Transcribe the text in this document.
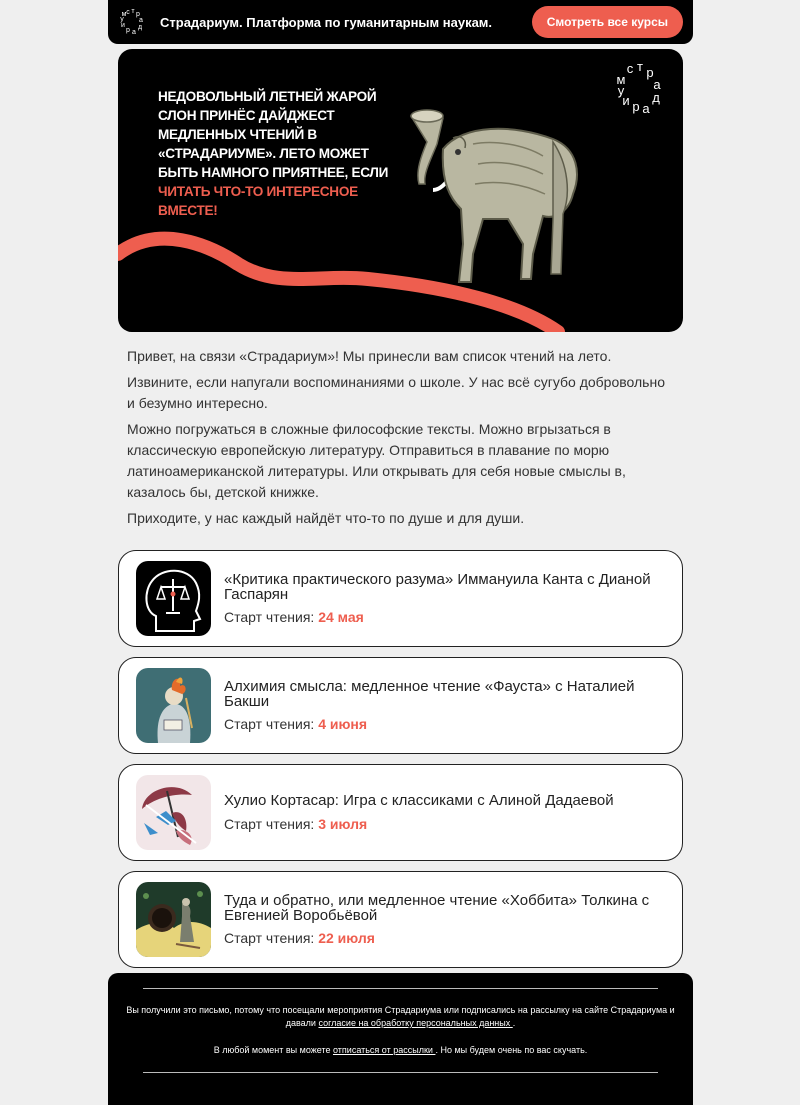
с т р
а
д
а
р
и
у
м	Страдариум. Платформа по гуманитарным наукам.	Смотреть все курсы
НЕДОВОЛЬНЫЙ ЛЕТНЕЙ ЖАРОЙ СЛОН ПРИНЁС ДАЙДЖЕСТ МЕДЛЕННЫХ ЧТЕНИЙ В «СТРАДАРИУМЕ». ЛЕТО МОЖЕТ БЫТЬ НАМНОГО ПРИЯТНЕЕ, ЕСЛИ ЧИТАТЬ ЧТО-ТО ИНТЕРЕСНОЕ ВМЕСТЕ!
с т р
а
д
а
р
и
у
м

Привет, на связи «Страдариум»! Мы принесли вам список чтений на лето.

Извините, если напугали воспоминаниями о школе. У нас всё сугубо добровольно и безумно интересно.

Можно погружаться в сложные философские тексты. Можно вгрызаться в классическую европейскую литературу. Отправиться в плавание по морю латиноамериканской литературы. Или открывать для себя новые смыслы в, казалось бы, детской книжке.

Приходите, у нас каждый найдёт что-то по душе и для души.

«Критика практического разума» Иммануила Канта с Дианой Гаспарян
Старт чтения: 24 мая
Алхимия смысла: медленное чтение «Фауста» с Наталией Бакши
Старт чтения: 4 июня
Хулио Кортасар: Игра с классиками с Алиной Дадаевой
Старт чтения: 3 июля
Туда и обратно, или медленное чтение «Хоббита» Толкина с Евгенией Воробьёвой
Старт чтения: 22 июля
Вы получили это письмо, потому что посещали мероприятия Страдариума или подписались на рассылку на сайте Страдариума и давали согласие на обработку персональных данных .
В любой момент вы можете отписаться от рассылки . Но мы будем очень по вас скучать.
